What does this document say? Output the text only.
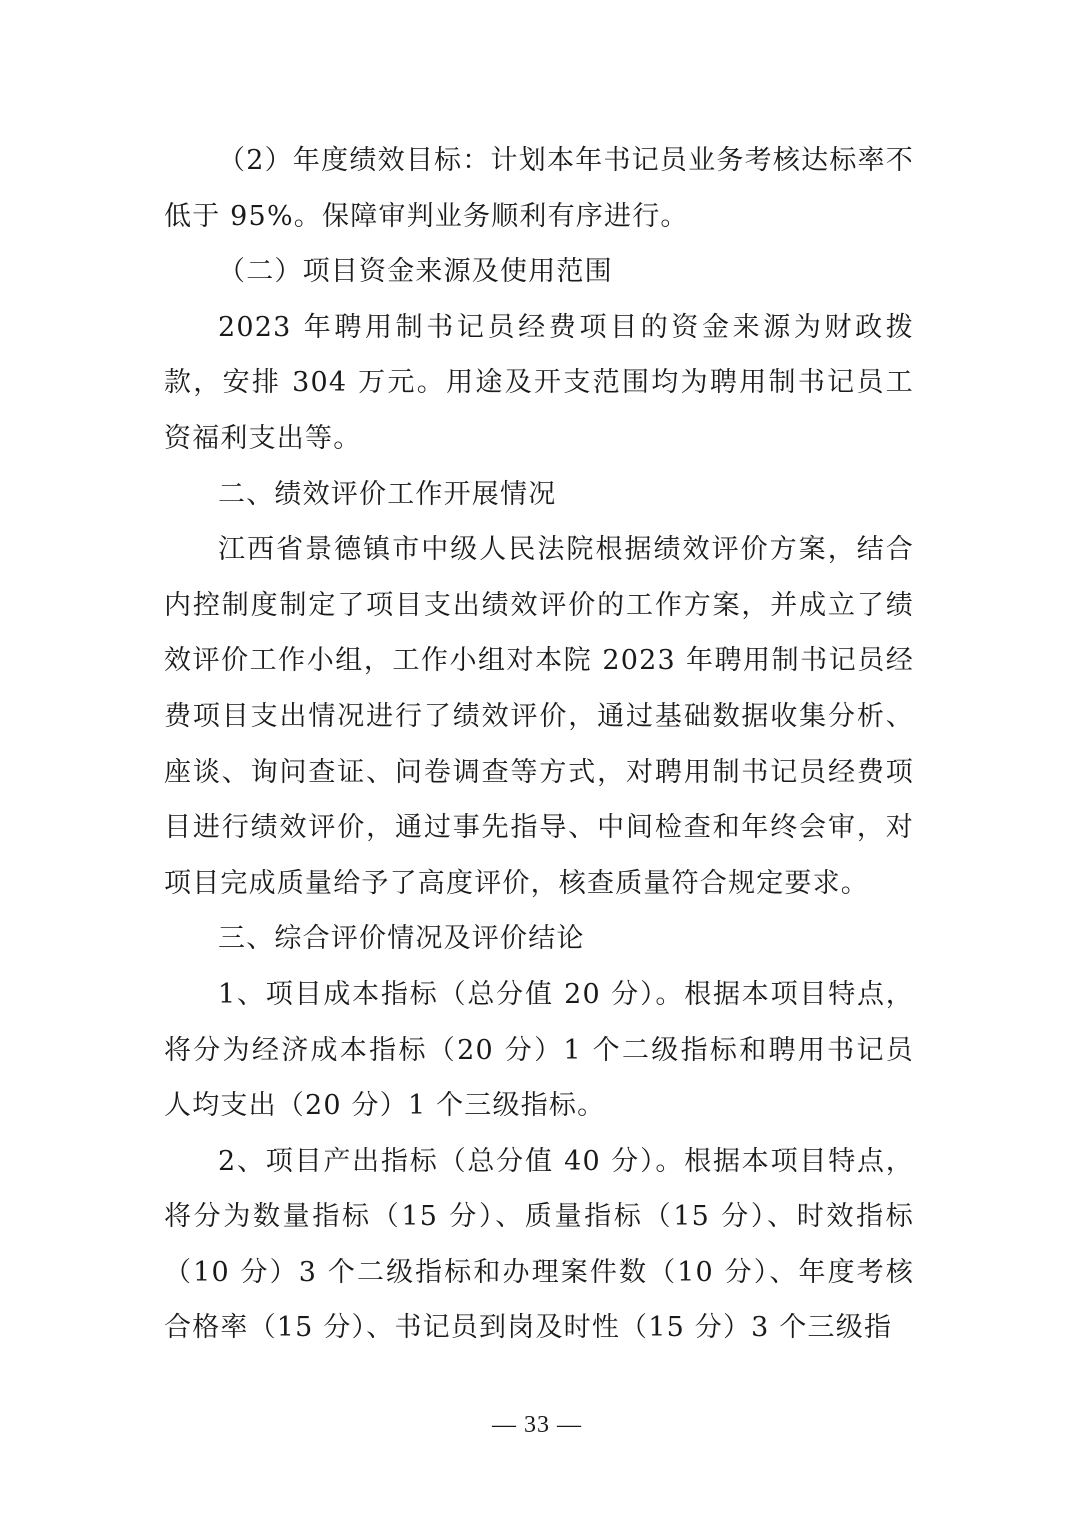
（2）年度绩效目标：计划本年书记员业务考核达标率不低于 95%。保障审判业务顺利有序进行。

（二）项目资金来源及使用范围

2023 年聘用制书记员经费项目的资金来源为财政拨款，安排 304 万元。用途及开支范围均为聘用制书记员工资福利支出等。

二、绩效评价工作开展情况

江西省景德镇市中级人民法院根据绩效评价方案，结合内控制度制定了项目支出绩效评价的工作方案，并成立了绩效评价工作小组，工作小组对本院 2023 年聘用制书记员经费项目支出情况进行了绩效评价，通过基础数据收集分析、座谈、询问查证、问卷调查等方式，对聘用制书记员经费项目进行绩效评价，通过事先指导、中间检查和年终会审，对项目完成质量给予了高度评价，核查质量符合规定要求。

三、综合评价情况及评价结论

1、项目成本指标（总分值 20 分）。根据本项目特点，将分为经济成本指标（20 分）1 个二级指标和聘用书记员人均支出（20 分）1 个三级指标。

2、项目产出指标（总分值 40 分）。根据本项目特点，将分为数量指标（15 分）、质量指标（15 分）、时效指标（10 分）3 个二级指标和办理案件数（10 分）、年度考核合格率（15 分）、书记员到岗及时性（15 分）3 个三级指

— 33 —
